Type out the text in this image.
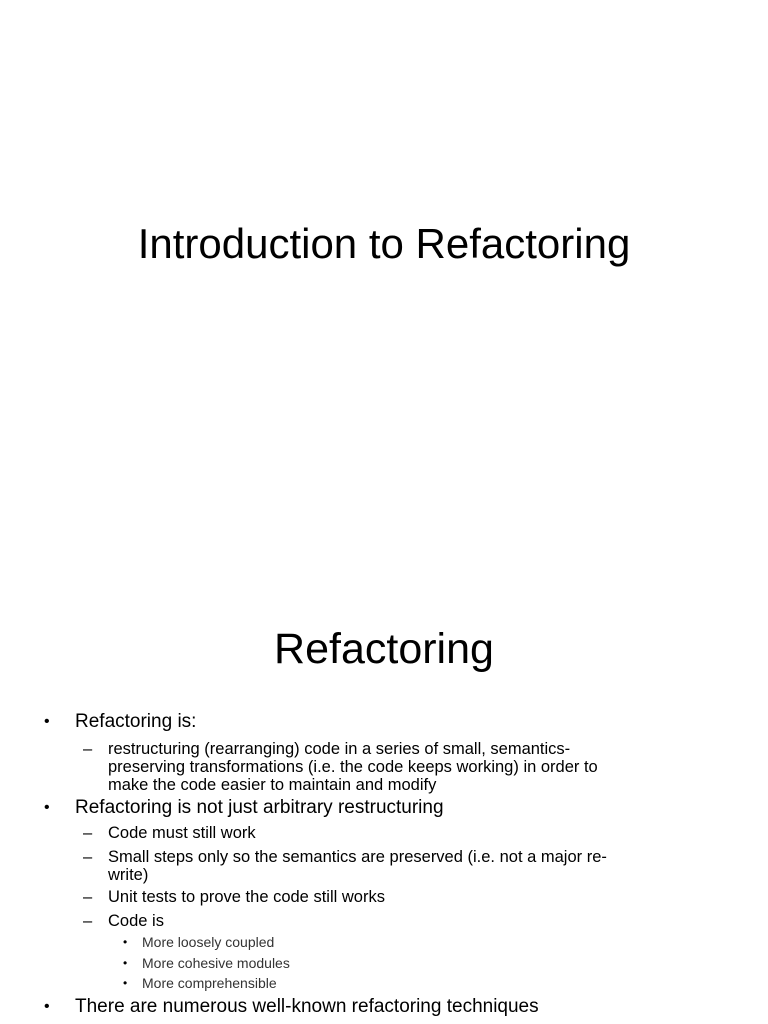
Introduction to Refactoring
Refactoring
• Refactoring is:
– restructuring (rearranging) code in a series of small, semantics-
preserving transformations (i.e. the code keeps working) in order to
make the code easier to maintain and modify
• Refactoring is not just arbitrary restructuring
– Code must still work
– Small steps only so the semantics are preserved (i.e. not a major re-
write)
– Unit tests to prove the code still works
– Code is
• More loosely coupled
• More cohesive modules
• More comprehensible
• There are numerous well-known refactoring techniques
